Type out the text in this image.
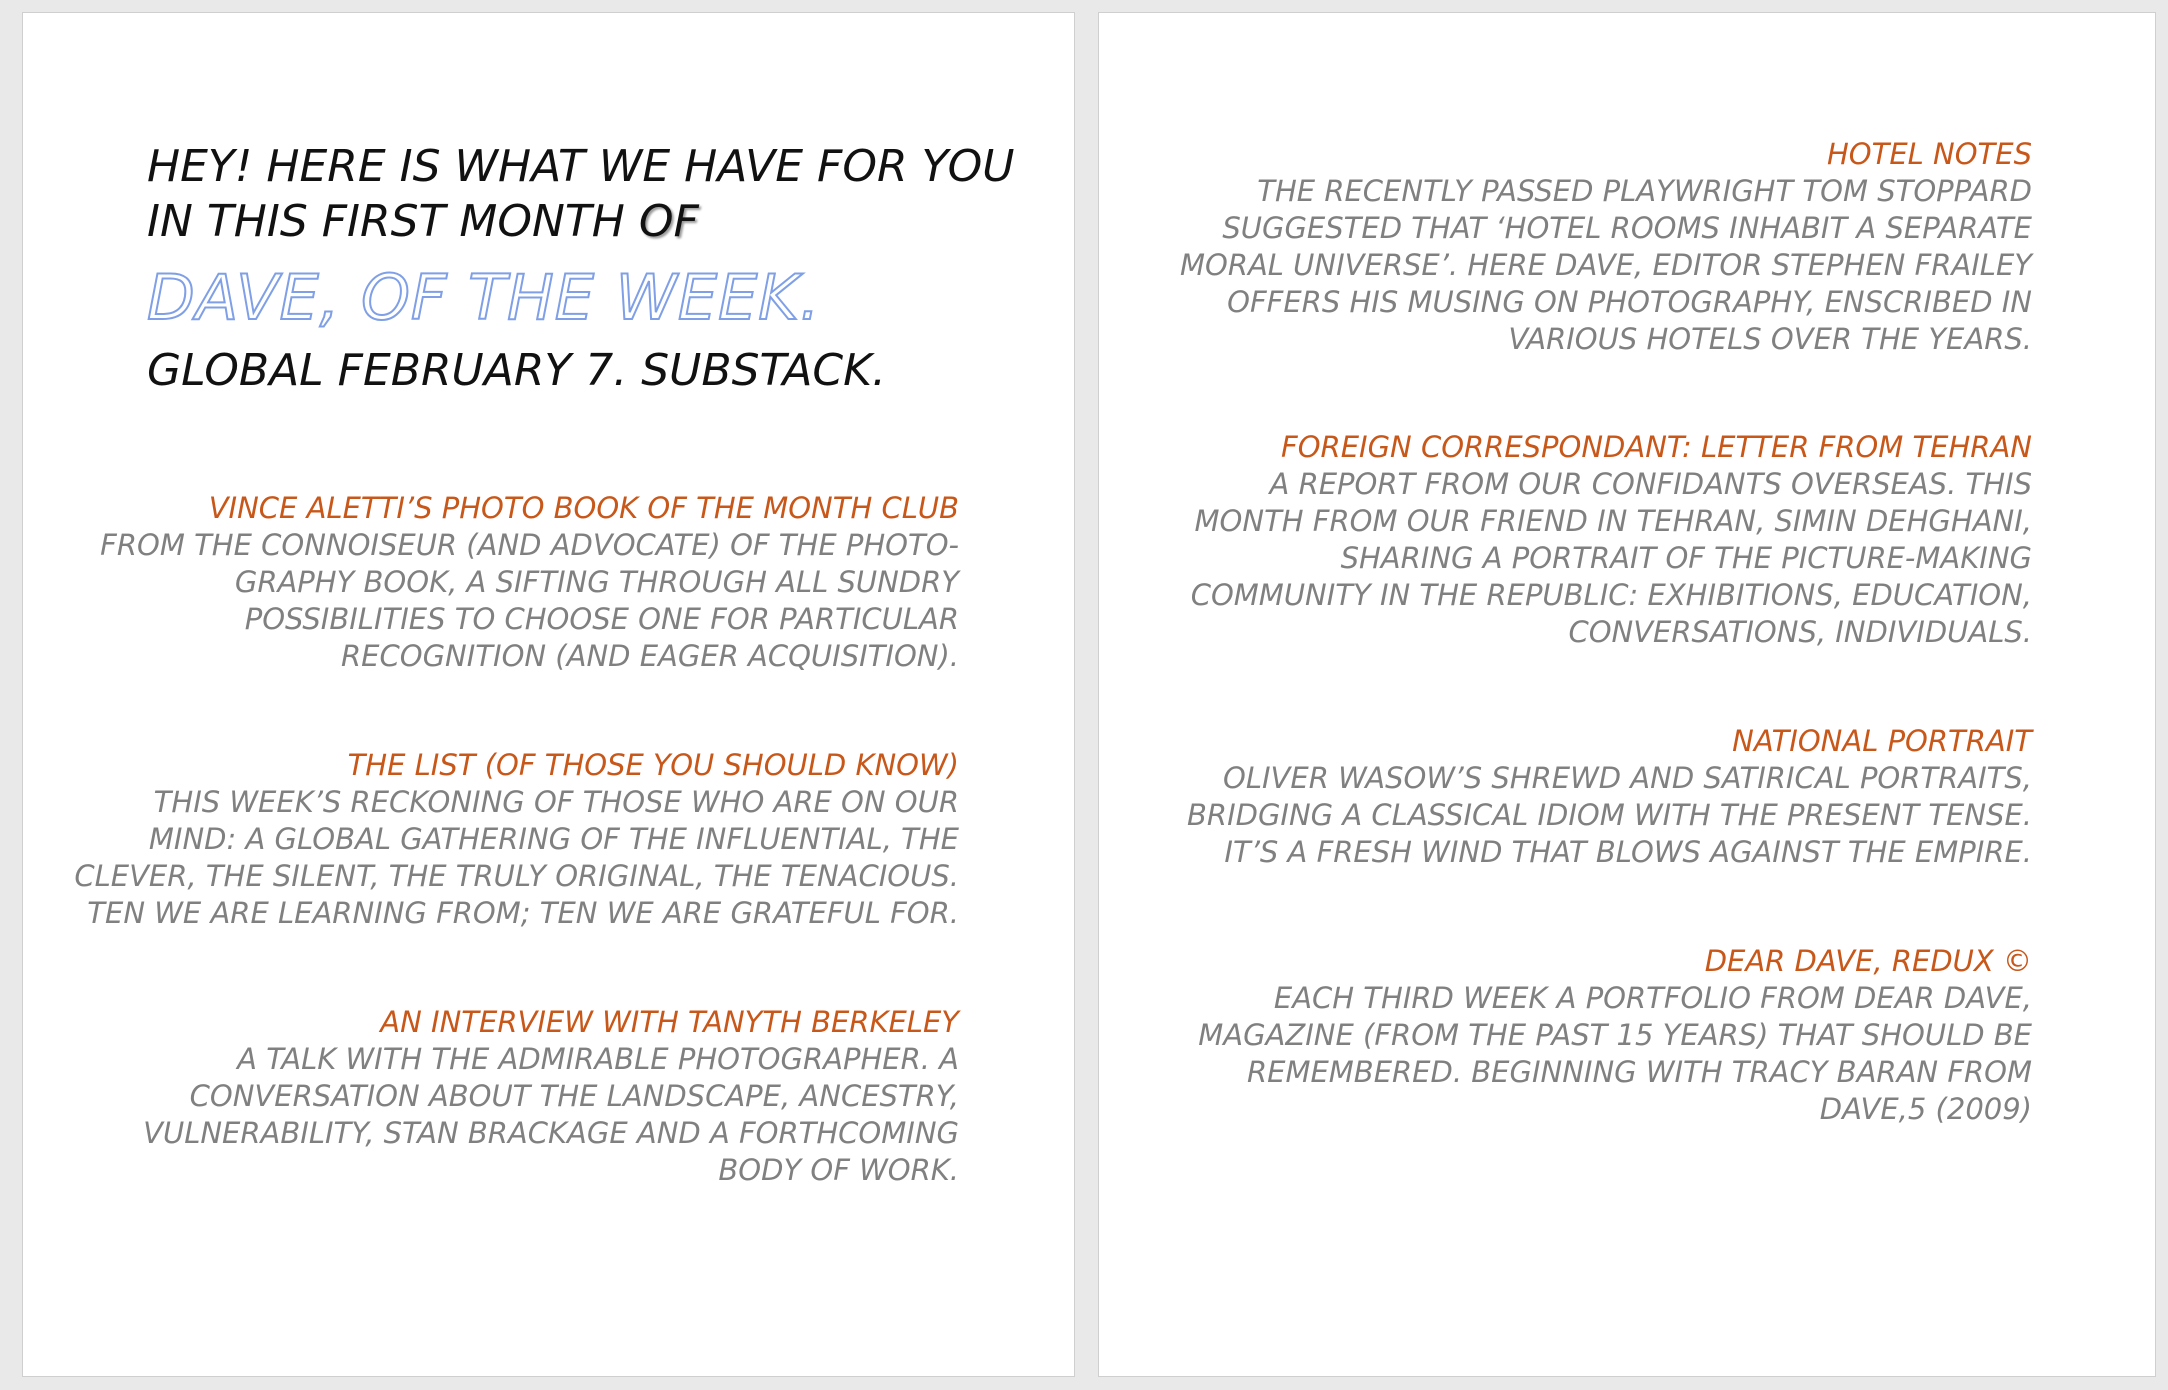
HEY! HERE IS WHAT WE HAVE FOR YOU

IN THIS FIRST MONTH OF

DAVE, OF THE WEEK.

GLOBAL FEBRUARY 7. SUBSTACK.

VINCE ALETTI’S PHOTO BOOK OF THE MONTH CLUB

FROM THE CONNOISEUR (AND ADVOCATE) OF THE PHOTO-
GRAPHY BOOK, A SIFTING THROUGH ALL SUNDRY
POSSIBILITIES TO CHOOSE ONE FOR PARTICULAR
RECOGNITION (AND EAGER ACQUISITION).

THE LIST (OF THOSE YOU SHOULD KNOW)

THIS WEEK’S RECKONING OF THOSE WHO ARE ON OUR
MIND: A GLOBAL GATHERING OF THE INFLUENTIAL, THE
CLEVER, THE SILENT, THE TRULY ORIGINAL, THE TENACIOUS.
TEN WE ARE LEARNING FROM; TEN WE ARE GRATEFUL FOR.

AN INTERVIEW WITH TANYTH BERKELEY

A TALK WITH THE ADMIRABLE PHOTOGRAPHER. A
CONVERSATION ABOUT THE LANDSCAPE, ANCESTRY,
VULNERABILITY, STAN BRACKAGE AND A FORTHCOMING
BODY OF WORK.

HOTEL NOTES

THE RECENTLY PASSED PLAYWRIGHT TOM STOPPARD
SUGGESTED THAT ‘HOTEL ROOMS INHABIT A SEPARATE
MORAL UNIVERSE’. HERE DAVE, EDITOR STEPHEN FRAILEY
OFFERS HIS MUSING ON PHOTOGRAPHY, ENSCRIBED IN
VARIOUS HOTELS OVER THE YEARS.

FOREIGN CORRESPONDANT: LETTER FROM TEHRAN

A REPORT FROM OUR CONFIDANTS OVERSEAS. THIS
MONTH FROM OUR FRIEND IN TEHRAN, SIMIN DEHGHANI,
SHARING A PORTRAIT OF THE PICTURE-MAKING
COMMUNITY IN THE REPUBLIC: EXHIBITIONS, EDUCATION,
CONVERSATIONS, INDIVIDUALS.

NATIONAL PORTRAIT

OLIVER WASOW’S SHREWD AND SATIRICAL PORTRAITS,
BRIDGING A CLASSICAL IDIOM WITH THE PRESENT TENSE.
IT’S A FRESH WIND THAT BLOWS AGAINST THE EMPIRE.

DEAR DAVE, REDUX ©

EACH THIRD WEEK A PORTFOLIO FROM DEAR DAVE,
MAGAZINE (FROM THE PAST 15 YEARS) THAT SHOULD BE
REMEMBERED. BEGINNING WITH TRACY BARAN FROM
DAVE,5 (2009)
